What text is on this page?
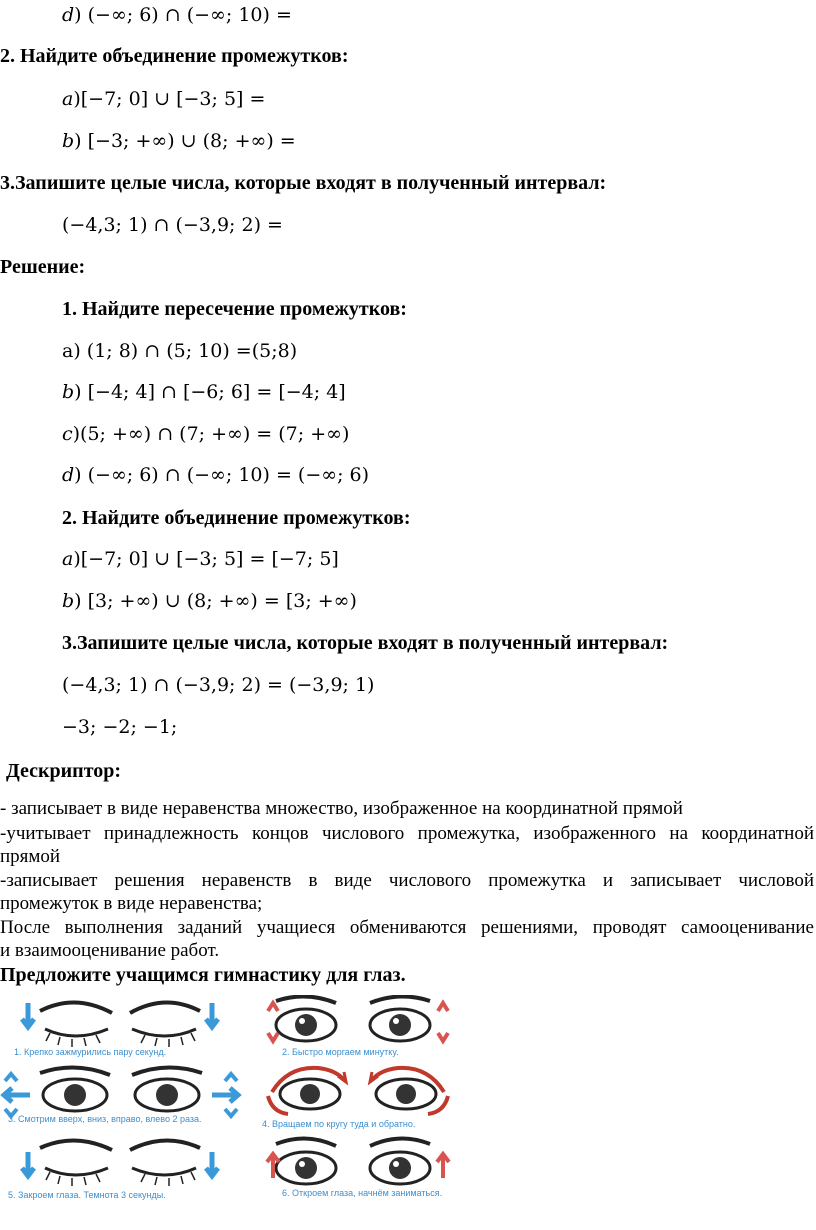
𝑑) (−∞; 6) ∩ (−∞; 10) =
2. Найдите объединение промежутков:
𝑎)[−7; 0] ∪ [−3; 5] =
𝑏) [−3; +∞) ∪ (8; +∞) =
3.Запишите целые числа, которые входят в полученный интервал:
(−4,3; 1) ∩ (−3,9; 2) =
Решение:
1. Найдите пересечение промежутков:
а) (1; 8) ∩ (5; 10) =(5;8)
𝑏) [−4; 4] ∩ [−6; 6] = [−4; 4]
𝑐)(5; +∞) ∩ (7; +∞) = (7; +∞)
𝑑) (−∞; 6) ∩ (−∞; 10) = (−∞; 6)
2. Найдите объединение промежутков:
𝑎)[−7; 0] ∪ [−3; 5] = [−7; 5]
𝑏) [3; +∞) ∪ (8; +∞) = [3; +∞)
3.Запишите целые числа, которые входят в полученный интервал:
(−4,3; 1) ∩ (−3,9; 2) = (−3,9; 1)
−3; −2; −1;
Дескриптор:
- записывает в виде неравенства множество, изображенное на координатной прямой
-учитывает принадлежность концов числового промежутка, изображенного на координатной
прямой
-записывает решения неравенств в виде числового промежутка и записывает числовой
промежуток в виде неравенства;
После выполнения заданий учащиеся обмениваются решениями, проводят самооценивание
и взаимооценивание работ.
Предложите учащимся гимнастику для глаз.
1. Крепко зажмурились пару секунд.	2. Быстро моргаем минутку.
3. Смотрим вверх, вниз, вправо, влево 2 раза.	4. Вращаем по кругу туда и обратно.
5. Закроем глаза. Темнота 3 секунды.	6. Откроем глаза, начнём заниматься.
